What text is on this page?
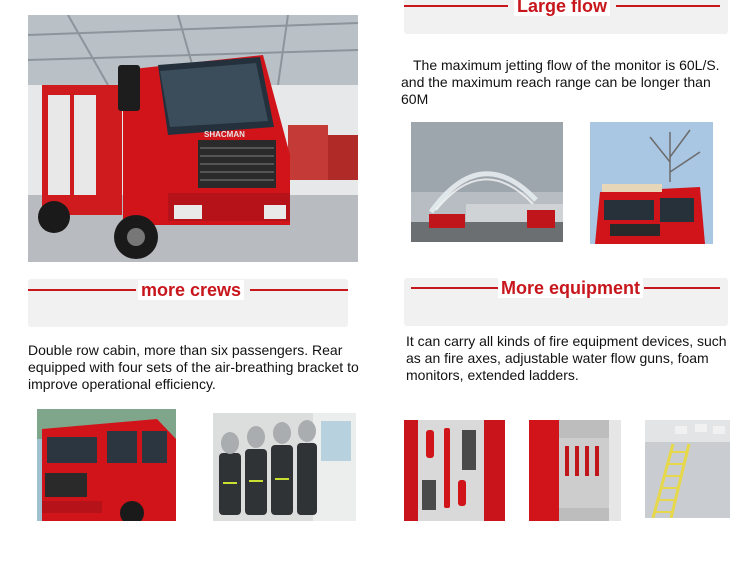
SHACMAN
Large flow
The maximum jetting flow of the monitor is 60L/S. and the maximum reach range can be longer than 60M
more crews
Double row cabin, more than six passengers. Rear equipped with four sets of the air-breathing bracket to improve operational efficiency.
More equipment
It can carry all kinds of fire equipment devices, such as an fire axes, adjustable water flow guns, foam monitors, extended ladders.
